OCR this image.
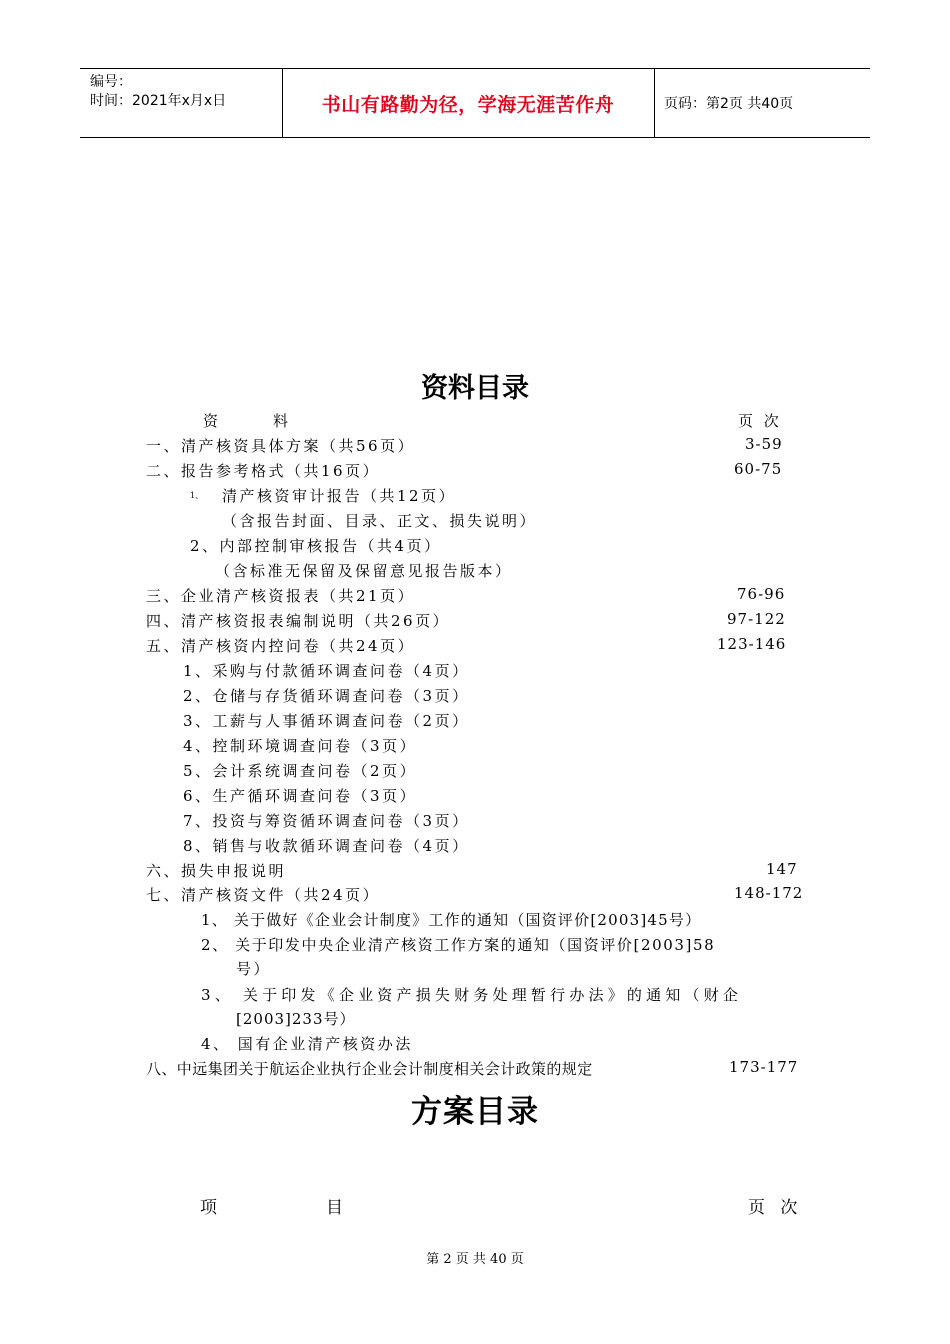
编号：
时间：2021年x月x日	书山有路勤为径，学海无涯苦作舟	页码：第2页 共40页
资料目录
资　　　料	页 次
一、清产核资具体方案（共56页）	3-59
二、报告参考格式（共16页）	60-75
1、 清产核资审计报告（共12页）
（含报告封面、目录、正文、损失说明）
2、内部控制审核报告（共4页）
（含标准无保留及保留意见报告版本）
三、企业清产核资报表（共21页）	76-96
四、清产核资报表编制说明（共26页）	97-122
五、清产核资内控问卷（共24页）	123-146
1、采购与付款循环调查问卷（4页）
2、仓储与存货循环调查问卷（3页）
3、工薪与人事循环调查问卷（2页）
4、控制环境调查问卷（3页）
5、会计系统调查问卷（2页）
6、生产循环调查问卷（3页）
7、投资与筹资循环调查问卷（3页）
8、销售与收款循环调查问卷（4页）
六、损失申报说明	147
七、清产核资文件（共24页）	148-172
1、 关于做好《企业会计制度》工作的通知（国资评价[2003]45号）
2、 关于印发中央企业清产核资工作方案的通知（国资评价[2003]58
号）
3、 关于印发《企业资产损失财务处理暂行办法》的通知（财企
[2003]233号）
4、 国有企业清产核资办法
八、中远集团关于航运企业执行企业会计制度相关会计政策的规定	173-177
方案目录
项　　　　　目	页 次
第 2 页 共 40 页
